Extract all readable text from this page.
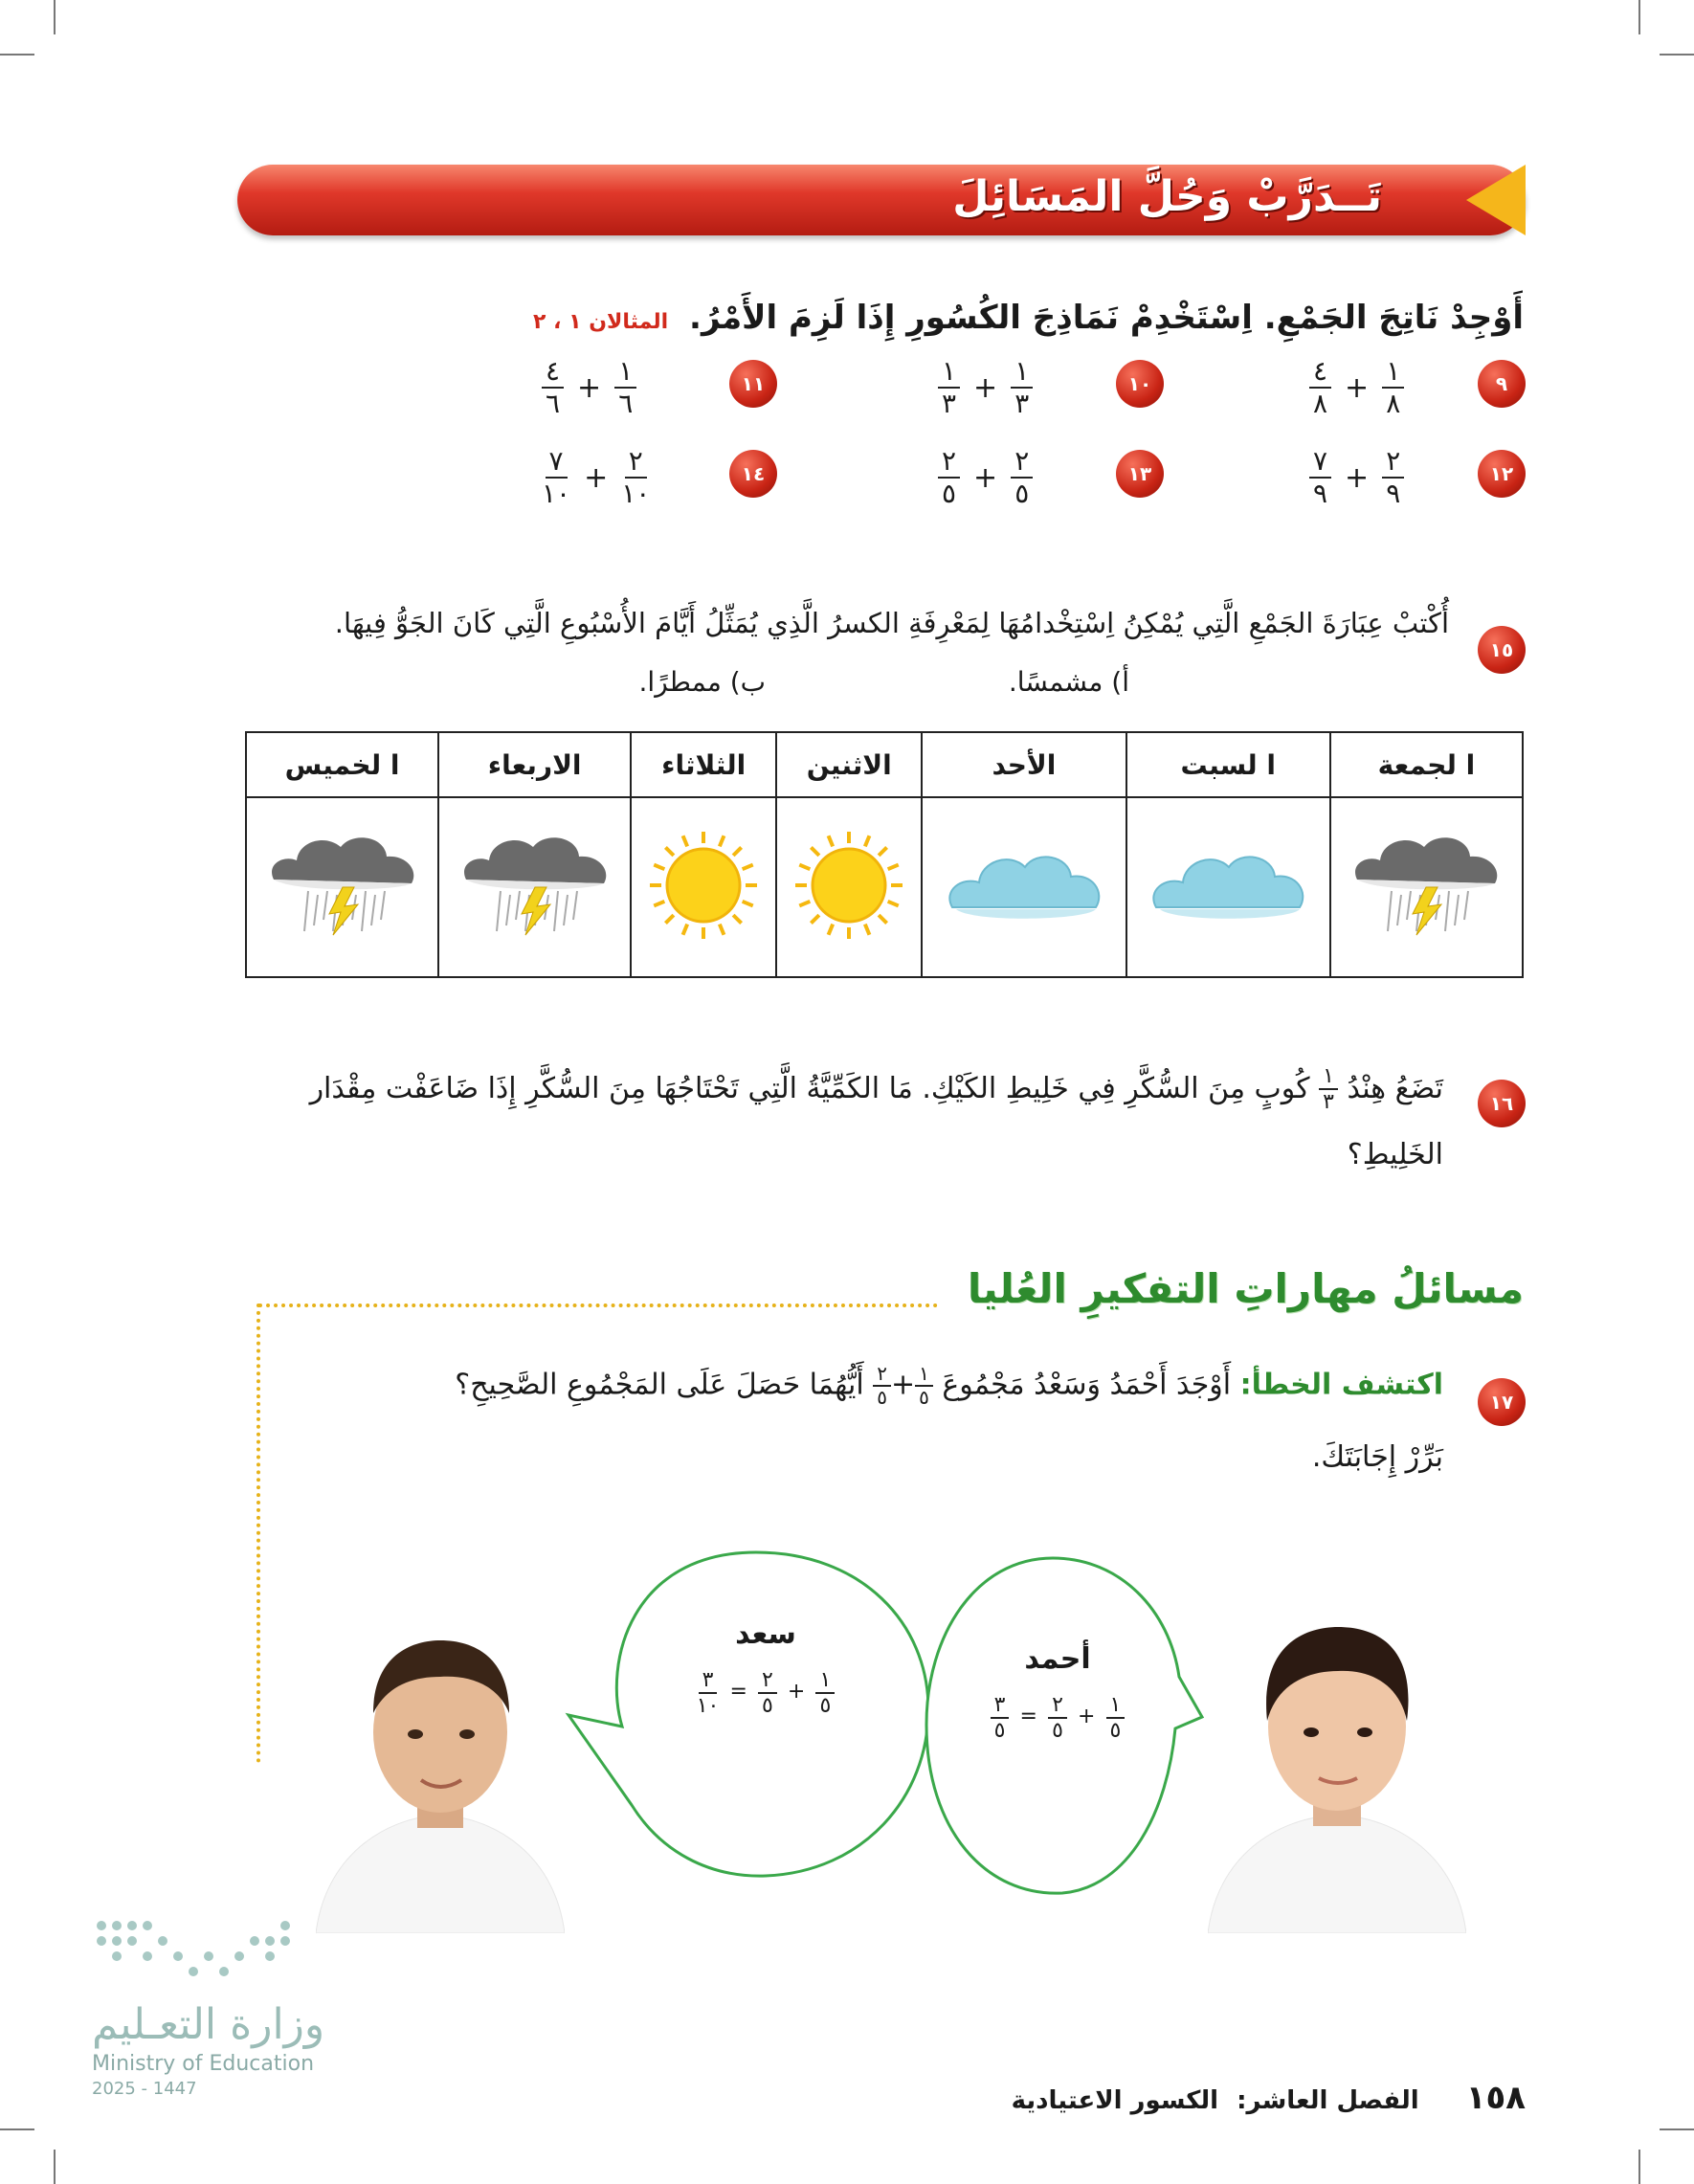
تَــدَرَّبْ وَحُلَّ المَسَائِلَ
أَوْجِدْ نَاتِجَ الجَمْعِ. اِسْتَخْدِمْ نَمَاذِجَ الكُسُورِ إِذَا لَزِمَ الأَمْرُ. المثالان ١ ، ٢
٩
$\frac{٤}{٨} + \frac{١}{٨}$
١٠
$\frac{١}{٣} + \frac{١}{٣}$
١١
$\frac{٤}{٦} + \frac{١}{٦}$
١٢
$\frac{٧}{٩} + \frac{٢}{٩}$
١٣
$\frac{٢}{٥} + \frac{٢}{٥}$
١٤
$\frac{٧}{١٠} + \frac{٢}{١٠}$
١٥
أُكْتبْ عِبَارَةَ الجَمْعِ الَّتِي يُمْكِنُ اِسْتِخْدامُهَا لِمَعْرِفَةِ الكسرُ الَّذِي يُمَثِّلُ أَيَّامَ الأُسْبُوعِ الَّتِي كَانَ الجَوُّ فِيهَا.
أ) مشمسًا.
ب) ممطرًا.
ا لجمعة	ا لسبت	الأحد	الاثنين	الثلاثاء	الاربعاء	ا لخميس

١٦
تَضَعُ هِنْدُ
$\frac{١}{٣}$
كُوبٍ مِنَ السُّكَّرِ فِي خَلِيطِ الكَيْكِ. مَا الكَمِّيَّةُ الَّتِي تَحْتَاجُهَا مِنَ السُّكَّرِ إِذَا ضَاعَفْت مِقْدَار
الخَلِيطِ؟
مسائلُ مهاراتِ التفكيرِ العُليا
١٧
اكتشف الخطأ: أَوْجَدَ أَحْمَدُ وَسَعْدُ مَجْمُوعَ
$\frac{١}{٥}$
+
$\frac{٢}{٥}$
أَيُّهُمَا حَصَلَ عَلَى المَجْمُوعِ الصَّحِيحِ؟
بَرِّرْ إِجَابَتَكَ.
سعد
$\frac{٣}{١٠} = \frac{٢}{٥} + \frac{١}{٥}$
أحمد
$\frac{٣}{٥} = \frac{٢}{٥} + \frac{١}{٥}$
وزارة التعـليم
Ministry of Education
2025 - 1447	١٥٨ الفصل العاشر: الكسور الاعتيادية
